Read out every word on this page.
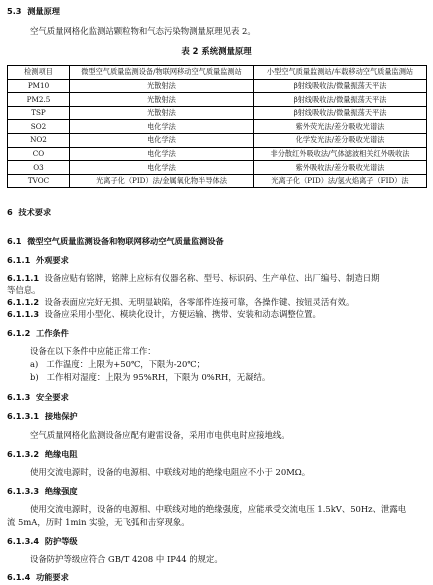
5.3 测量原理
空气质量网格化监测站颗粒物和气态污染物测量原理见表 2。
表 2 系统测量原理
检测项目	微型空气质量监测设备/物联网移动空气质量监测站	小型空气质量监测站/车载移动空气质量监测站
PM10	光散射法	β射线吸收法/微量振荡天平法
PM2.5	光散射法	β射线吸收法/微量振荡天平法
TSP	光散射法	β射线吸收法/微量振荡天平法
SO2	电化学法	紫外荧光法/差分吸收光谱法
NO2	电化学法	化学发光法/差分吸收光谱法
CO	电化学法	非分散红外吸收法/气体滤波相关红外吸收法
O3	电化学法	紫外吸收法/差分吸收光谱法
TVOC	光离子化（PID）法/金属氧化物半导体法	光离子化（PID）法/氢火焰离子（FID）法
6 技术要求
6.1 微型空气质量监测设备和物联网移动空气质量监测设备
6.1.1 外观要求
6.1.1.1 设备应贴有铭牌，铭牌上应标有仪器名称、型号、标识码、生产单位、出厂编号、制造日期
等信息。
6.1.1.2 设备表面应完好无损、无明显缺陷，各零部件连接可靠，各操作键、按钮灵活有效。
6.1.1.3 设备应采用小型化、模块化设计，方便运输、携带、安装和动态调整位置。
6.1.2 工作条件
设备在以下条件中应能正常工作：
a) 工作温度：上限为+50℃，下限为-20℃；
b) 工作相对湿度：上限为 95%RH，下限为 0%RH，无凝结。
6.1.3 安全要求
6.1.3.1 接地保护
空气质量网格化监测设备应配有避雷设备，采用市电供电时应接地线。
6.1.3.2 绝缘电阻
使用交流电源时，设备的电源相、中联线对地的绝缘电阻应不小于 20MΩ。
6.1.3.3 绝缘强度
使用交流电源时，设备的电源相、中联线对地的绝缘强度，应能承受交流电压 1.5kV、50Hz、泄露电
流 5mA，历时 1min 实验，无飞弧和击穿现象。
6.1.3.4 防护等级
设备防护等级应符合 GB/T 4208 中 IP44 的规定。
6.1.4 功能要求
